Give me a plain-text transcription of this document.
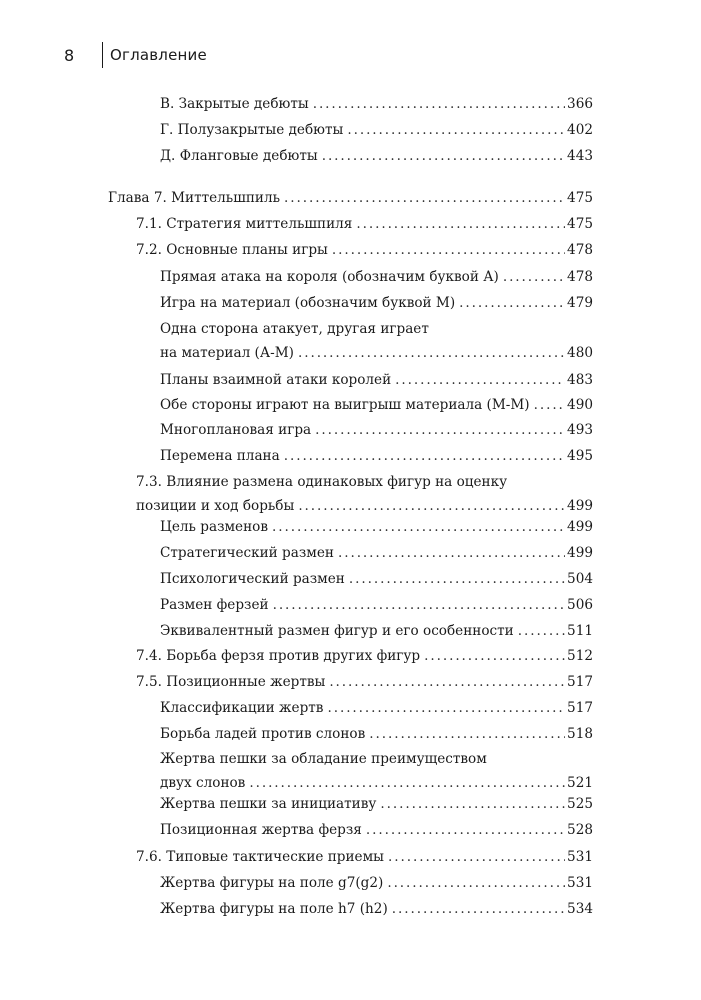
8	Оглавление
В. Закрытые дебюты . . .	366
Г. Полузакрытые дебюты . . .	402
Д. Фланговые дебюты . . .	443
Глава 7. Миттельшпиль . . .	475
7.1. Стратегия миттельшпиля . . .	475
7.2. Основные планы игры . . .	478
Прямая атака на короля (обозначим буквой А) . . .	478
Игра на материал (обозначим буквой М) . . .	479
Одна сторона атакует, другая играет
на материал (А-М) . . .	480
Планы взаимной атаки королей . . .	483
Обе стороны играют на выигрыш материала (М-М) . . .	490
Многоплановая игра . . .	493
Перемена плана . . .	495
7.3. Влияние размена одинаковых фигур на оценку
позиции и ход борьбы . . .	499
Цель разменов . . .	499
Стратегический размен . . .	499
Психологический размен . . .	504
Размен ферзей . . .	506
Эквивалентный размен фигур и его особенности . . .	511
7.4. Борьба ферзя против других фигур . . .	512
7.5. Позиционные жертвы . . .	517
Классификации жертв . . .	517
Борьба ладей против слонов . . .	518
Жертва пешки за обладание преимуществом
двух слонов . . .	521
Жертва пешки за инициативу . . .	525
Позиционная жертва ферзя . . .	528
7.6. Типовые тактические приемы . . .	531
Жертва фигуры на поле g7(g2) . . .	531
Жертва фигуры на поле h7 (h2) . . .	534
